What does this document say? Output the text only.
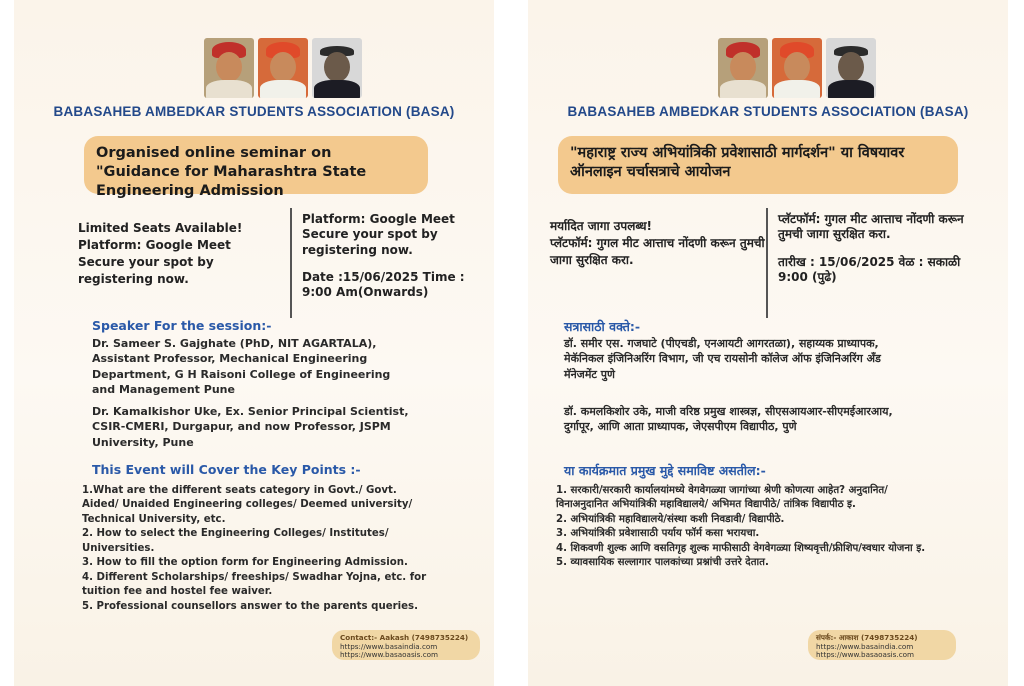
BABASAHEB AMBEDKAR STUDENTS ASSOCIATION (BASA)
Organised online seminar on "Guidance for Maharashtra State Engineering Admission
Limited Seats Available!
Platform: Google Meet
Secure your spot by registering now.
Platform: Google Meet Secure your spot by registering now.
Date :15/06/2025 Time : 9:00 Am(Onwards)
Speaker For the session:-
Dr. Sameer S. Gajghate (PhD, NIT AGARTALA), Assistant Professor, Mechanical Engineering Department, G H Raisoni College of Engineering and Management Pune
Dr. Kamalkishor Uke, Ex. Senior Principal Scientist, CSIR-CMERI, Durgapur, and now Professor, JSPM University, Pune
This Event will Cover the Key Points :-
1.What are the different seats category in Govt./ Govt. Aided/ Unaided Engineering colleges/ Deemed university/ Technical University, etc.
2. How to select the Engineering Colleges/ Institutes/ Universities.
3. How to fill the option form for Engineering Admission.
4. Different Scholarships/ freeships/ Swadhar Yojna, etc. for tuition fee and hostel fee waiver.
5. Professional counsellors answer to the parents queries.
Contact:- Aakash (7498735224)
https://www.basaindia.com
https://www.basaoasis.com
BABASAHEB AMBEDKAR STUDENTS ASSOCIATION (BASA)
"महाराष्ट्र राज्य अभियांत्रिकी प्रवेशासाठी मार्गदर्शन" या विषयावर ऑनलाइन चर्चासत्राचे आयोजन
मर्यादित जागा उपलब्ध!
प्लॅटफॉर्म: गुगल मीट आत्ताच नोंदणी करून तुमची जागा सुरक्षित करा.
प्लॅटफॉर्म: गुगल मीट आत्ताच नोंदणी करून तुमची जागा सुरक्षित करा.
तारीख : 15/06/2025 वेळ : सकाळी 9:00 (पुढे)
सत्रासाठी वक्ते:-
डॉ. समीर एस. गजघाटे (पीएचडी, एनआयटी आगरतळा), सहाय्यक प्राध्यापक, मेकॅनिकल इंजिनिअरिंग विभाग, जी एच रायसोनी कॉलेज ऑफ इंजिनिअरिंग अँड मॅनेजमेंट पुणे
डॉ. कमलकिशोर उके, माजी वरिष्ठ प्रमुख शास्त्रज्ञ, सीएसआयआर-सीएमईआरआय, दुर्गापूर, आणि आता प्राध्यापक, जेएसपीएम विद्यापीठ, पुणे
या कार्यक्रमात प्रमुख मुद्दे समाविष्ट असतील:-
1. सरकारी/सरकारी कार्यालयांमध्ये वेगवेगळ्या जागांच्या श्रेणी कोणत्या आहेत? अनुदानित/ विनाअनुदानित अभियांत्रिकी महाविद्यालये/ अभिमत विद्यापीठे/ तांत्रिक विद्यापीठ इ.
2. अभियांत्रिकी महाविद्यालये/संस्था कशी निवडावी/ विद्यापीठे.
3. अभियांत्रिकी प्रवेशासाठी पर्याय फॉर्म कसा भरायचा.
4. शिकवणी शुल्क आणि वसतिगृह शुल्क माफीसाठी वेगवेगळ्या शिष्यवृत्ती/फ्रीशिप/स्वधार योजना इ.
5. व्यावसायिक सल्लागार पालकांच्या प्रश्नांची उत्तरे देतात.
संपर्क:- आकाश (7498735224)
https://www.basaindia.com
https://www.basaoasis.com
